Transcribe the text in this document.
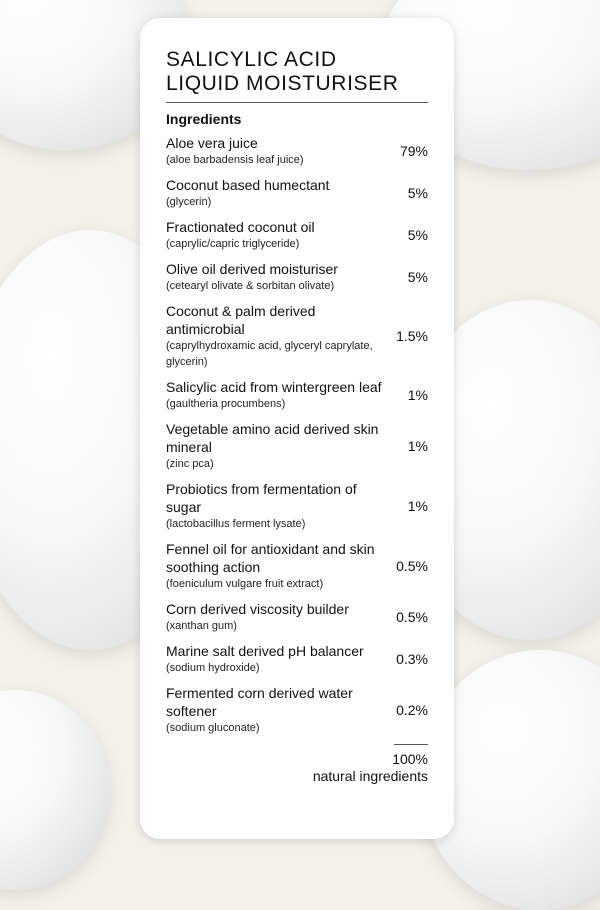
SALICYLIC ACID
LIQUID MOISTURISER
Ingredients
Aloe vera juice
(aloe barbadensis leaf juice)
79%
Coconut based humectant
(glycerin)
5%
Fractionated coconut oil
(caprylic/capric triglyceride)
5%
Olive oil derived moisturiser
(cetearyl olivate & sorbitan olivate)
5%
Coconut & palm derived antimicrobial
(caprylhydroxamic acid, glyceryl caprylate, glycerin)
1.5%
Salicylic acid from wintergreen leaf
(gaultheria procumbens)
1%
Vegetable amino acid derived skin mineral
(zinc pca)
1%
Probiotics from fermentation of sugar
(lactobacillus ferment lysate)
1%
Fennel oil for antioxidant and skin soothing action
(foeniculum vulgare fruit extract)
0.5%
Corn derived viscosity builder
(xanthan gum)
0.5%
Marine salt derived pH balancer
(sodium hydroxide)
0.3%
Fermented corn derived water softener
(sodium gluconate)
0.2%
100%
natural ingredients
